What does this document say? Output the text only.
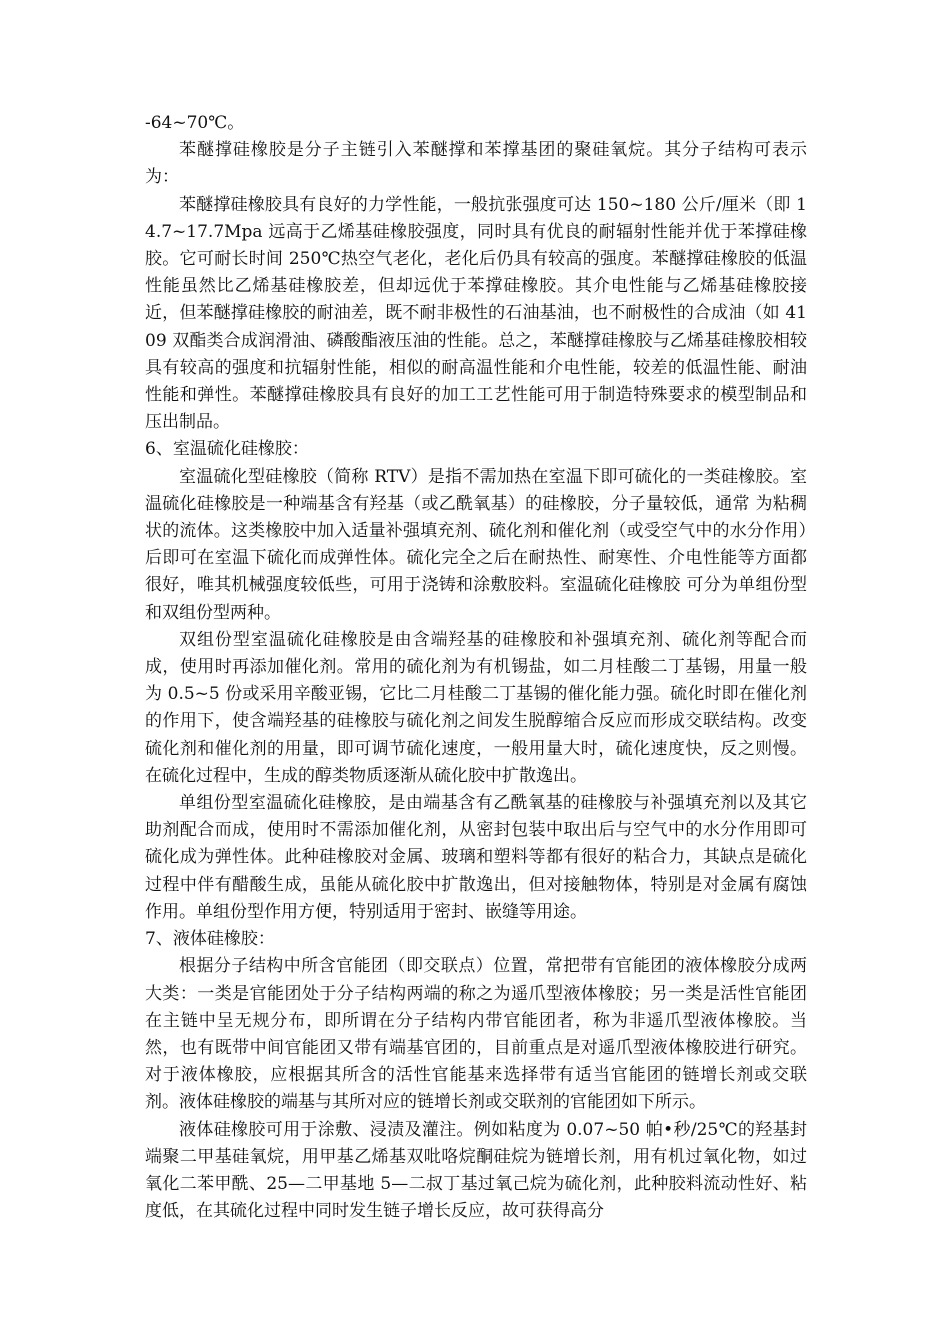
-64~70℃。

苯醚撑硅橡胶是分子主链引入苯醚撑和苯撑基团的聚硅氧烷。其分子结构可表示为：

苯醚撑硅橡胶具有良好的力学性能，一般抗张强度可达 150~180 公斤/厘米（即 14.7~17.7Mpa 远高于乙烯基硅橡胶强度，同时具有优良的耐辐射性能并优于苯撑硅橡胶。它可耐长时间 250℃热空气老化，老化后仍具有较高的强度。苯醚撑硅橡胶的低温性能虽然比乙烯基硅橡胶差，但却远优于苯撑硅橡胶。其介电性能与乙烯基硅橡胶接近，但苯醚撑硅橡胶的耐油差，既不耐非极性的石油基油，也不耐极性的合成油（如 4109 双酯类合成润滑油、磷酸酯液压油的性能。总之，苯醚撑硅橡胶与乙烯基硅橡胶相较具有较高的强度和抗辐射性能，相似的耐高温性能和介电性能，较差的低温性能、耐油性能和弹性。苯醚撑硅橡胶具有良好的加工工艺性能可用于制造特殊要求的模型制品和压出制品。

6、室温硫化硅橡胶：

室温硫化型硅橡胶（简称 RTV）是指不需加热在室温下即可硫化的一类硅橡胶。室温硫化硅橡胶是一种端基含有羟基（或乙酰氧基）的硅橡胶，分子量较低，通常 为粘稠状的流体。这类橡胶中加入适量补强填充剂、硫化剂和催化剂（或受空气中的水分作用）后即可在室温下硫化而成弹性体。硫化完全之后在耐热性、耐寒性、介电性能等方面都很好，唯其机械强度较低些，可用于浇铸和涂敷胶料。室温硫化硅橡胶 可分为单组份型和双组份型两种。

双组份型室温硫化硅橡胶是由含端羟基的硅橡胶和补强填充剂、硫化剂等配合而成，使用时再添加催化剂。常用的硫化剂为有机锡盐，如二月桂酸二丁基锡，用量一般为 0.5~5 份或采用辛酸亚锡，它比二月桂酸二丁基锡的催化能力强。硫化时即在催化剂的作用下，使含端羟基的硅橡胶与硫化剂之间发生脱醇缩合反应而形成交联结构。改变硫化剂和催化剂的用量，即可调节硫化速度，一般用量大时，硫化速度快，反之则慢。在硫化过程中，生成的醇类物质逐渐从硫化胶中扩散逸出。

单组份型室温硫化硅橡胶，是由端基含有乙酰氧基的硅橡胶与补强填充剂以及其它助剂配合而成，使用时不需添加催化剂，从密封包装中取出后与空气中的水分作用即可硫化成为弹性体。此种硅橡胶对金属、玻璃和塑料等都有很好的粘合力，其缺点是硫化过程中伴有醋酸生成，虽能从硫化胶中扩散逸出，但对接触物体，特别是对金属有腐蚀作用。单组份型作用方便，特别适用于密封、嵌缝等用途。

7、液体硅橡胶：

根据分子结构中所含官能团（即交联点）位置，常把带有官能团的液体橡胶分成两大类：一类是官能团处于分子结构两端的称之为遥爪型液体橡胶；另一类是活性官能团在主链中呈无规分布，即所谓在分子结构内带官能团者，称为非遥爪型液体橡胶。当然，也有既带中间官能团又带有端基官团的，目前重点是对遥爪型液体橡胶进行研究。对于液体橡胶，应根据其所含的活性官能基来选择带有适当官能团的链增长剂或交联剂。液体硅橡胶的端基与其所对应的链增长剂或交联剂的官能团如下所示。

液体硅橡胶可用于涂敷、浸渍及灌注。例如粘度为 0.07~50 帕•秒/25℃的羟基封端聚二甲基硅氧烷，用甲基乙烯基双吡咯烷酮硅烷为链增长剂，用有机过氧化物，如过氧化二苯甲酰、25—二甲基地 5—二叔丁基过氧己烷为硫化剂，此种胶料流动性好、粘度低，在其硫化过程中同时发生链子增长反应，故可获得高分
